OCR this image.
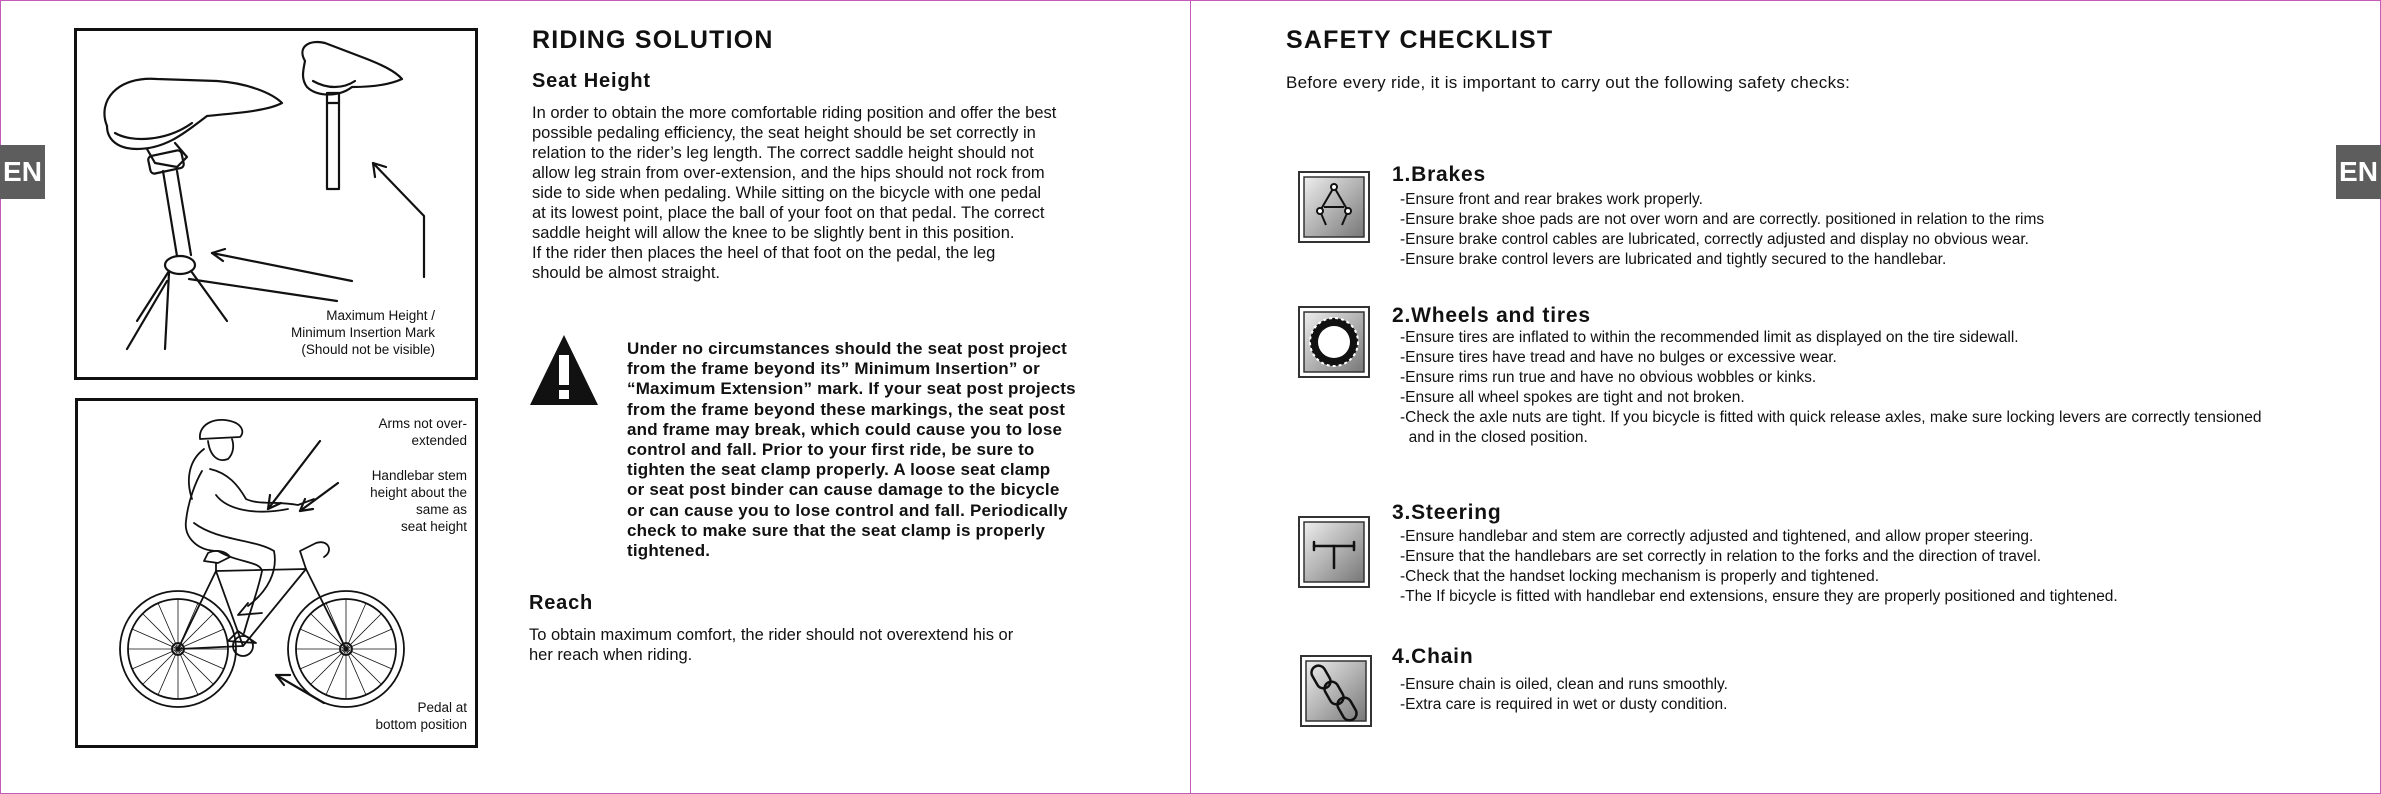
EN	EN
Maximum Height /
Minimum Insertion Mark
(Should not be visible)
Arms not over-
extended
Handlebar stem
height about the
same as
seat height
Pedal at
bottom position
RIDING SOLUTION
Seat Height
In order to obtain the more comfortable riding position and offer the best
possible pedaling efficiency, the seat height should be set correctly in
relation to the rider’s leg length. The correct saddle height should not
allow leg strain from over-extension, and the hips should not rock from
side to side when pedaling. While sitting on the bicycle with one pedal
at its lowest point, place the ball of your foot on that pedal. The correct
saddle height will allow the knee to be slightly bent in this position.
If the rider then places the heel of that foot on the pedal, the leg
should be almost straight.
Under no circumstances should the seat post project
from the frame beyond its” Minimum Insertion” or
“Maximum Extension” mark. If your seat post projects
from the frame beyond these markings, the seat post
and frame may break, which could cause you to lose
control and fall. Prior to your first ride, be sure to
tighten the seat clamp properly. A loose seat clamp
or seat post binder can cause damage to the bicycle
or can cause you to lose control and fall. Periodically
check to make sure that the seat clamp is properly
tightened.
Reach
To obtain maximum comfort, the rider should not overextend his or
her reach when riding.
SAFETY CHECKLIST
Before every ride, it is important to carry out the following safety checks:
1.Brakes
-Ensure front and rear brakes work properly.
-Ensure brake shoe pads are not over worn and are correctly. positioned in relation to the rims
-Ensure brake control cables are lubricated, correctly adjusted and display no obvious wear.
-Ensure brake control levers are lubricated and tightly secured to the handlebar.
2.Wheels and tires
-Ensure tires are inflated to within the recommended limit as displayed on the tire sidewall.
-Ensure tires have tread and have no bulges or excessive wear.
-Ensure rims run true and have no obvious wobbles or kinks.
-Ensure all wheel spokes are tight and not broken.
-Check the axle nuts are tight. If you bicycle is fitted with quick release axles, make sure locking levers are correctly tensioned
and in the closed position.
3.Steering
-Ensure handlebar and stem are correctly adjusted and tightened, and allow proper steering.
-Ensure that the handlebars are set correctly in relation to the forks and the direction of travel.
-Check that the handset locking mechanism is properly and tightened.
-The If bicycle is fitted with handlebar end extensions, ensure they are properly positioned and tightened.
4.Chain
-Ensure chain is oiled, clean and runs smoothly.
-Extra care is required in wet or dusty condition.
